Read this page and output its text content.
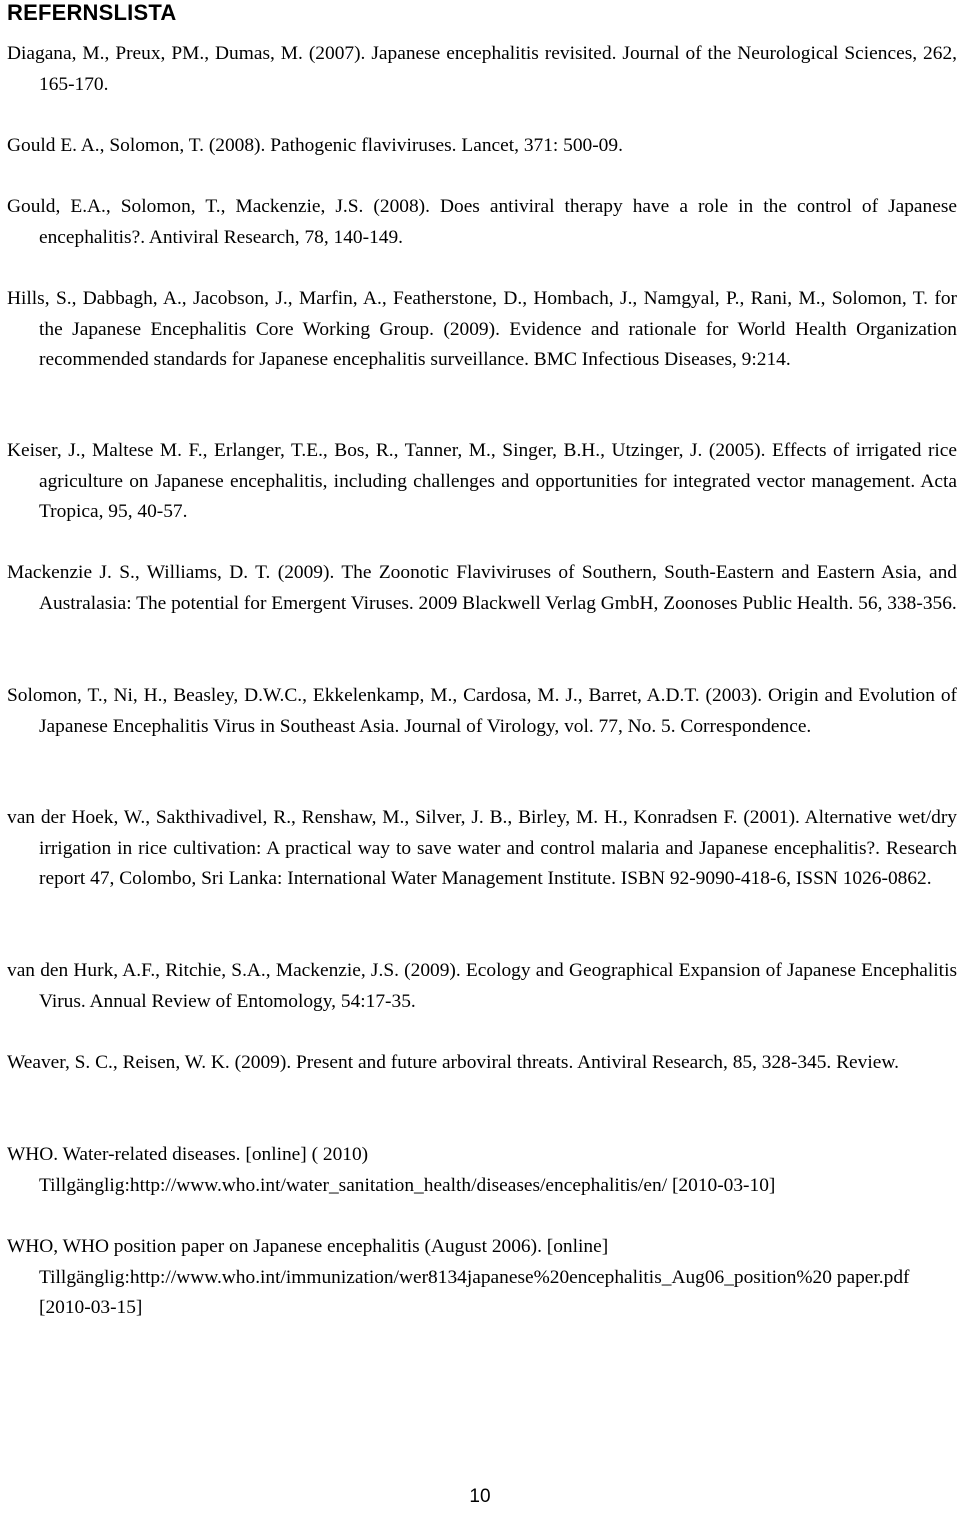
REFERNSLISTA

Diagana, M., Preux, PM., Dumas, M. (2007). Japanese encephalitis revisited. Journal of the Neurological Sciences, 262, 165-170.

Gould E. A., Solomon, T. (2008). Pathogenic flaviviruses. Lancet, 371: 500-09.

Gould, E.A., Solomon, T., Mackenzie, J.S. (2008). Does antiviral therapy have a role in the control of Japanese encephalitis?. Antiviral Research, 78, 140-149.

Hills, S., Dabbagh, A., Jacobson, J., Marfin, A., Featherstone, D., Hombach, J., Namgyal, P., Rani, M., Solomon, T. for the Japanese Encephalitis Core Working Group. (2009). Evidence and rationale for World Health Organization recommended standards for Japanese encephalitis surveillance. BMC Infectious Diseases, 9:214.

Keiser, J., Maltese M. F., Erlanger, T.E., Bos, R., Tanner, M., Singer, B.H., Utzinger, J. (2005). Effects of irrigated rice agriculture on Japanese encephalitis, including challenges and opportunities for integrated vector management. Acta Tropica, 95, 40-57.

Mackenzie J. S., Williams, D. T. (2009). The Zoonotic Flaviviruses of Southern, South-Eastern and Eastern Asia, and Australasia: The potential for Emergent Viruses. 2009 Blackwell Verlag GmbH, Zoonoses Public Health. 56, 338-356.

Solomon, T., Ni, H., Beasley, D.W.C., Ekkelenkamp, M., Cardosa, M. J., Barret, A.D.T. (2003). Origin and Evolution of Japanese Encephalitis Virus in Southeast Asia. Journal of Virology, vol. 77, No. 5. Correspondence.

van der Hoek, W., Sakthivadivel, R., Renshaw, M., Silver, J. B., Birley, M. H., Konradsen F. (2001). Alternative wet/dry irrigation in rice cultivation: A practical way to save water and control malaria and Japanese encephalitis?. Research report 47, Colombo, Sri Lanka: International Water Management Institute. ISBN 92-9090-418-6, ISSN 1026-0862.

van den Hurk, A.F., Ritchie, S.A., Mackenzie, J.S. (2009). Ecology and Geographical Expansion of Japanese Encephalitis Virus. Annual Review of Entomology, 54:17-35.

Weaver, S. C., Reisen, W. K. (2009). Present and future arboviral threats. Antiviral Research, 85, 328-345. Review.

WHO. Water-related diseases. [online] ( 2010) Tillgänglig:http://www.who.int/water_sanitation_health/diseases/encephalitis/en/ [2010-03-10]

WHO, WHO position paper on Japanese encephalitis (August 2006). [online] Tillgänglig:http://www.who.int/immunization/wer8134japanese%20encephalitis_Aug06_position%20 paper.pdf [2010-03-15]

10
